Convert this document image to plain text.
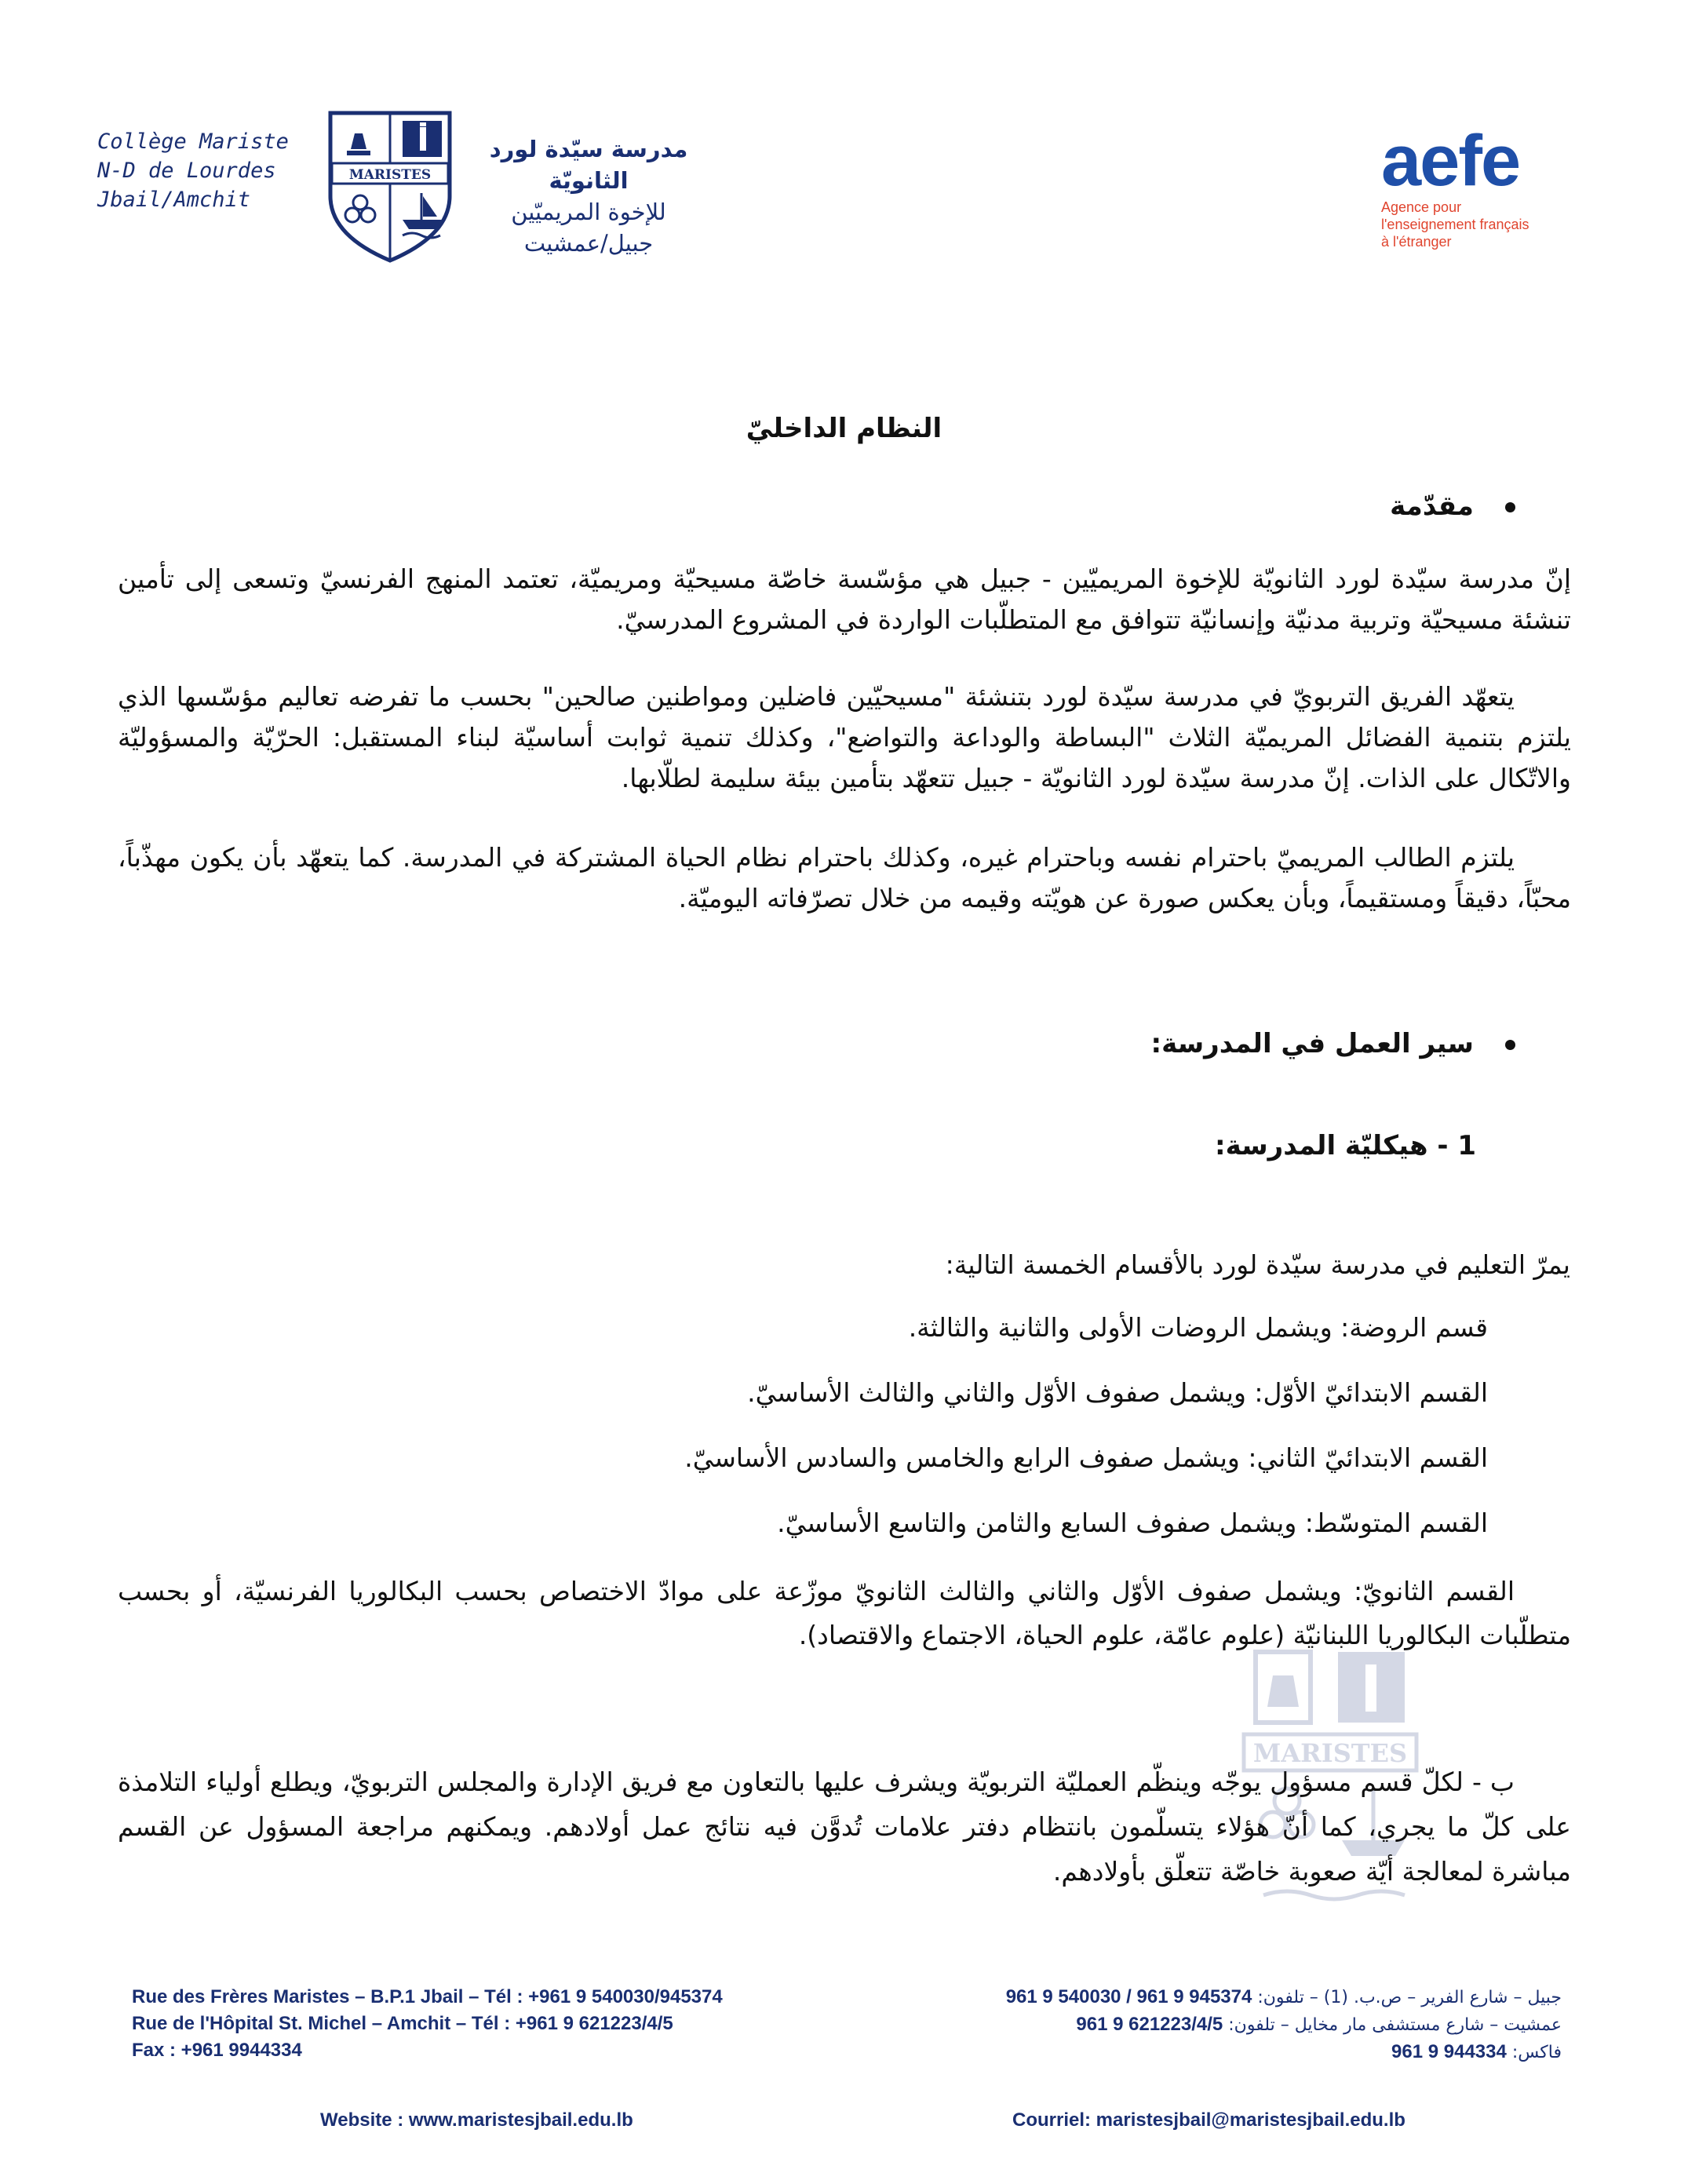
Collège Mariste
N-D de Lourdes
Jbail/Amchit
MARISTES
مدرسة سيّدة لورد
الثانويّة
للإخوة المريميّين
جبيل/عمشيت
aefe
Agence pour
l'enseignement français
à l'étranger
النظام الداخليّ
مقدّمة
إنّ مدرسة سيّدة لورد الثانويّة للإخوة المريميّين - جبيل هي مؤسّسة خاصّة مسيحيّة ومريميّة، تعتمد المنهج الفرنسيّ وتسعى إلى تأمين تنشئة مسيحيّة وتربية مدنيّة وإنسانيّة تتوافق مع المتطلّبات الواردة في المشروع المدرسيّ.
يتعهّد الفريق التربويّ في مدرسة سيّدة لورد بتنشئة "مسيحيّين فاضلين ومواطنين صالحين" بحسب ما تفرضه تعاليم مؤسّسها الذي يلتزم بتنمية الفضائل المريميّة الثلاث "البساطة والوداعة والتواضع"، وكذلك تنمية ثوابت أساسيّة لبناء المستقبل: الحرّيّة والمسؤوليّة والاتّكال على الذات. إنّ مدرسة سيّدة لورد الثانويّة - جبيل تتعهّد بتأمين بيئة سليمة لطلّابها.
يلتزم الطالب المريميّ باحترام نفسه وباحترام غيره، وكذلك باحترام نظام الحياة المشتركة في المدرسة. كما يتعهّد بأن يكون مهذّباً، محبّاً، دقيقاً ومستقيماً، وبأن يعكس صورة عن هويّته وقيمه من خلال تصرّفاته اليوميّة.
سير العمل في المدرسة:
1 - هيكليّة المدرسة:
يمرّ التعليم في مدرسة سيّدة لورد بالأقسام الخمسة التالية:
قسم الروضة: ويشمل الروضات الأولى والثانية والثالثة.
القسم الابتدائيّ الأوّل: ويشمل صفوف الأوّل والثاني والثالث الأساسيّ.
القسم الابتدائيّ الثاني: ويشمل صفوف الرابع والخامس والسادس الأساسيّ.
القسم المتوسّط: ويشمل صفوف السابع والثامن والتاسع الأساسيّ.
القسم الثانويّ: ويشمل صفوف الأوّل والثاني والثالث الثانويّ موزّعة على موادّ الاختصاص بحسب البكالوريا الفرنسيّة، أو بحسب متطلّبات البكالوريا اللبنانيّة (علوم عامّة، علوم الحياة، الاجتماع والاقتصاد).
MARISTES
ب - لكلّ قسم مسؤول يوجّه وينظّم العمليّة التربويّة ويشرف عليها بالتعاون مع فريق الإدارة والمجلس التربويّ، ويطلع أولياء التلامذة على كلّ ما يجري، كما أنّ هؤلاء يتسلّمون بانتظام دفتر علامات تُدوَّن فيه نتائج عمل أولادهم. ويمكنهم مراجعة المسؤول عن القسم مباشرة لمعالجة أيّة صعوبة خاصّة تتعلّق بأولادهم.
Rue des Frères Maristes – B.P.1 Jbail – Tél : +961 9 540030/945374
Rue de l'Hôpital St. Michel – Amchit – Tél : +961 9 621223/4/5
Fax : +961 9944334
جبيل – شارع الفرير – ص.ب. (1) – تلفون: 961 9 540030 / 961 9 945374
عمشيت – شارع مستشفى مار مخايل – تلفون: 961 9 621223/4/5
فاكس: 961 9 944334
Website : www.maristesjbail.edu.lb	Courriel: maristesjbail@maristesjbail.edu.lb
